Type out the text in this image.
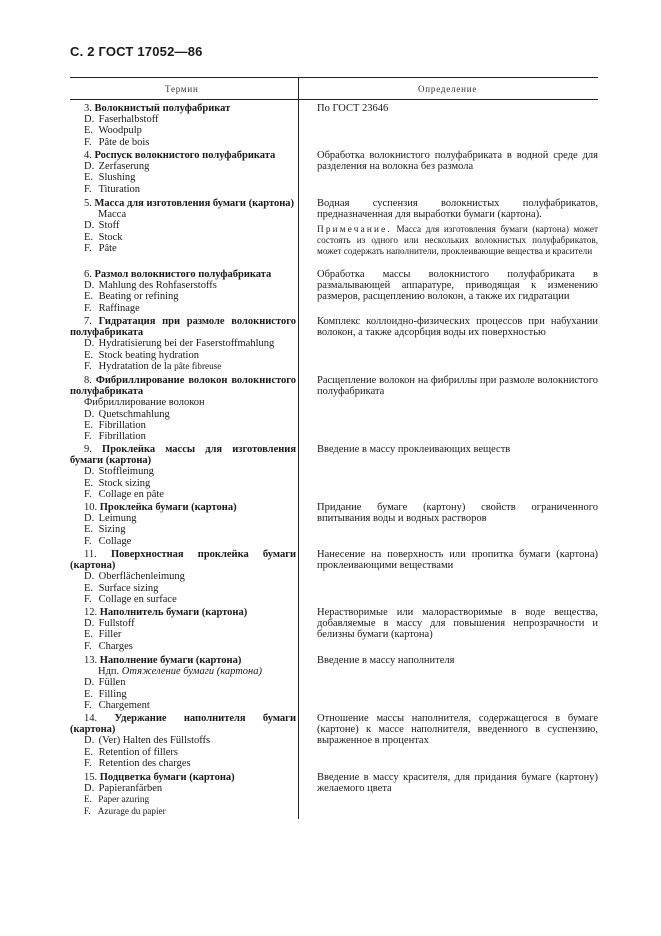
С. 2 ГОСТ 17052—86
Термин	Определение
3. Волокнистый полуфабрикат
D. Faserhalbstoff
E. Woodpulp
F. Pâte de bois
По ГОСТ 23646
4. Роспуск волокнистого полуфабриката
D. Zerfaserung
E. Slushing
F. Tituration
Обработка волокнистого полуфабриката в водной среде для разделения на волокна без размола
5. Масса для изготовления бумаги (картона)
Масса
D. Stoff
E. Stock
F. Pâte
Водная суспензия волокнистых полуфабрикатов, предназначенная для выработки бумаги (картона).
Примечание. Масса для изготовления бумаги (картона) может состоять из одного или нескольких волокнистых полуфабрикатов, может содержать наполнители, проклеивающие вещества и красители
6. Размол волокнистого полуфабриката
D. Mahlung des Rohfaserstoffs
E. Beating or refining
F. Raffinage
Обработка массы волокнистого полуфабриката в размалывающей аппаратуре, приводящая к изменению размеров, расщеплению волокон, а также их гидратации
7. Гидратация при размоле волокнистого полуфабриката
D. Hydratisierung bei der Faserstoffmahlung
E. Stock beating hydration
F. Hydratation de la pâte fibreuse
Комплекс коллоидно-физических процессов при набухании волокон, а также адсорбция воды их поверхностью
8. Фибриллирование волокон волокнистого полуфабриката
Фибриллирование волокон
D. Quetschmahlung
E. Fibrillation
F. Fibrillation
Расщепление волокон на фибриллы при размоле волокнистого полуфабриката
9. Проклейка массы для изготовления бумаги (картона)
D. Stoffleimung
E. Stock sizing
F. Collage en pâte
Введение в массу проклеивающих веществ
10. Проклейка бумаги (картона)
D. Leimung
E. Sizing
F. Collage
Придание бумаге (картону) свойств ограниченного впитывания воды и водных растворов
11. Поверхностная проклейка бумаги (картона)
D. Oberflächenleimung
E. Surface sizing
F. Collage en surface
Нанесение на поверхность или пропитка бумаги (картона) проклеивающими веществами
12. Наполнитель бумаги (картона)
D. Fullstoff
E. Filler
F. Charges
Нерастворимые или малорастворимые в воде вещества, добавляемые в массу для повышения непрозрачности и белизны бумаги (картона)
13. Наполнение бумаги (картона)
Ндп. Отяжеление бумаги (картона)
D. Füllen
E. Filling
F. Chargement
Введение в массу наполнителя
14. Удержание наполнителя бумаги (картона)
D. (Ver) Halten des Füllstoffs
E. Retention of fillers
F. Retention des charges
Отношение массы наполнителя, содержащегося в бумаге (картоне) к массе наполнителя, введенного в суспензию, выраженное в процентах
15. Подцветка бумаги (картона)
D. Papieranfärben
E. Paper azuring
F. Azurage du papier
Введение в массу красителя, для придания бумаге (картону) желаемого цвета
